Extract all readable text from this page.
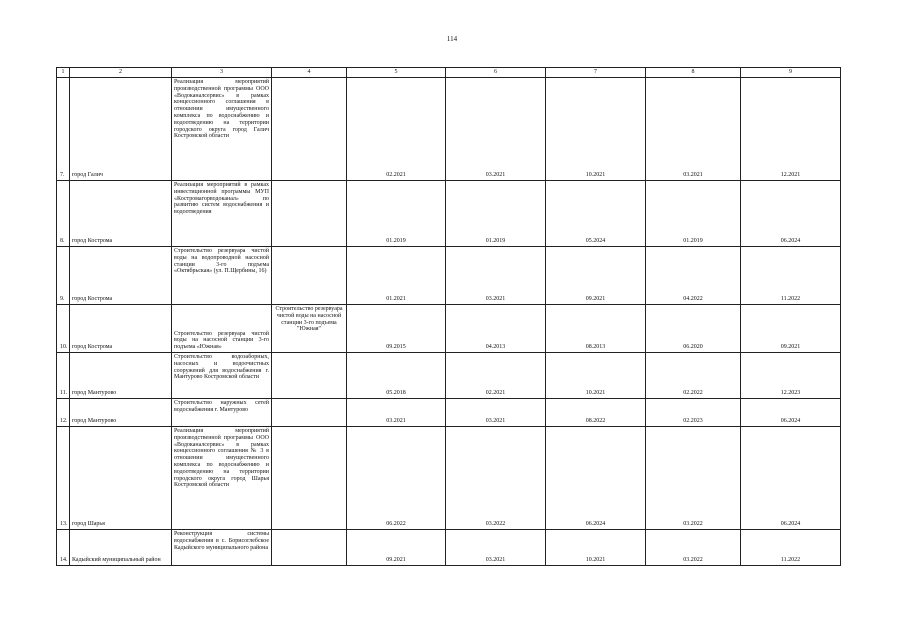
114
1	2	3	4	5	6	7	8	9
7.	город Галич	Реализация мероприятий производственной программы ООО «Водоканалсервис» в рамках концессионного соглашения в отношении имущественного комплекса по водоснабжению и водоотведению на территории городского округа город Галич Костромской области		02.2021	03.2021	10.2021	03.2021	12.2021
8.	город Кострома	Реализация мероприятий в рамках инвестиционной программы МУП «Костромагорводоканал» по развитию систем водоснабжения и водоотведения		01.2019	01.2019	05.2024	01.2019	06.2024
9.	город Кострома	Строительство резервуара чистой воды на водопроводной насосной станции 3-го подъема «Октябрьская» (ул. П.Щербины, 16)		01.2021	03.2021	09.2021	04.2022	11.2022
10.	город Кострома	Строительство резервуара чистой воды на насосной станции 3-го подъема «Южная»	Строительство резервуара чистой воды на насосной станции 3-го подъема "Южная"	09.2015	04.2013	08.2013	06.2020	09.2021
11.	город Мантурово	Строительство водозаборных, насосных и водоочистных сооружений для водоснабжения г. Мантурово Костромской области		05.2018	02.2021	10.2021	02.2022	12.2023
12.	город Мантурово	Строительство наружных сетей водоснабжения г. Мантурово		03.2021	03.2021	08.2022	02.2023	06.2024
13.	город Шарья	Реализация мероприятий производственной программы ООО «Водоканалсервис» в рамках концессионного соглашения № 3 в отношении имущественного комплекса по водоснабжению и водоотведению на территории городского округа город Шарья Костромской области		06.2022	03.2022	06.2024	03.2022	06.2024
14.	Кадыйский муниципальный район	Реконструкция системы водоснабжения в с. Борисоглебское Кадыйского муниципального района		09.2021	03.2021	10.2021	03.2022	11.2022
